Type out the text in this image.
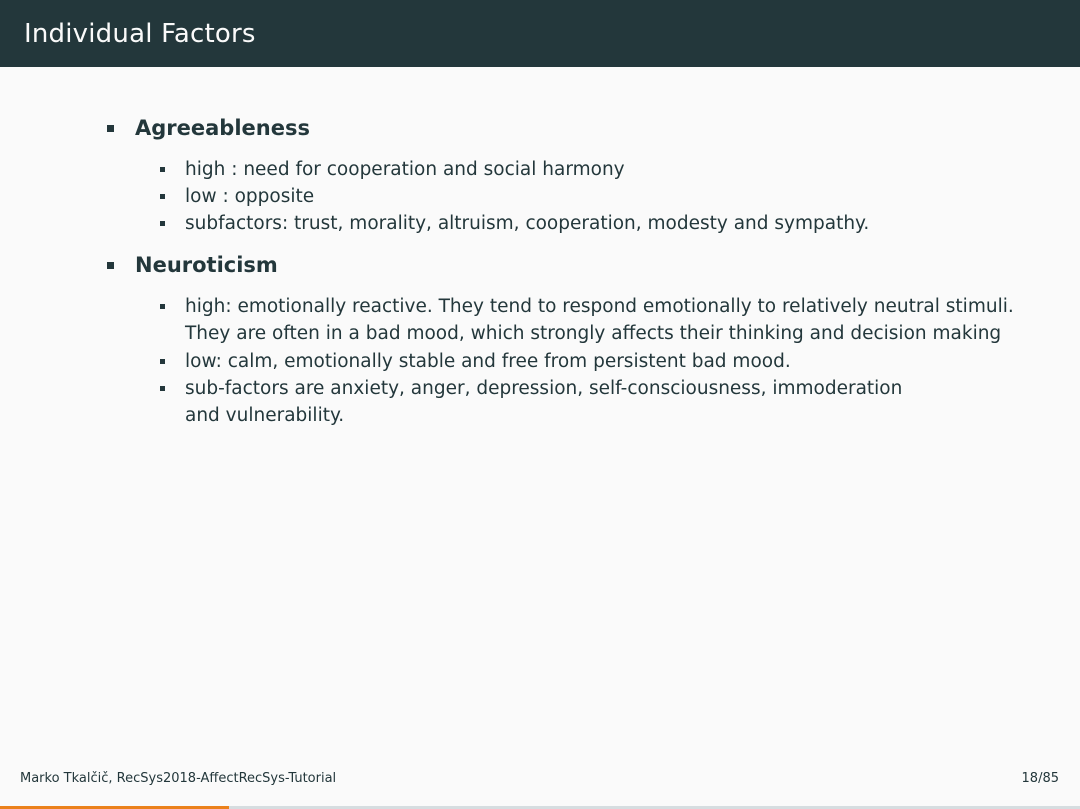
Individual Factors
Agreeableness
high : need for cooperation and social harmony
low : opposite
subfactors: trust, morality, altruism, cooperation, modesty and sympathy.
Neuroticism
high: emotionally reactive. They tend to respond emotionally to relatively neutral stimuli. They are often in a bad mood, which strongly affects their thinking and decision making
low: calm, emotionally stable and free from persistent bad mood.
sub-factors are anxiety, anger, depression, self-consciousness, immoderation and vulnerability.
Marko Tkalčič, RecSys2018-AffectRecSys-Tutorial	18/85
